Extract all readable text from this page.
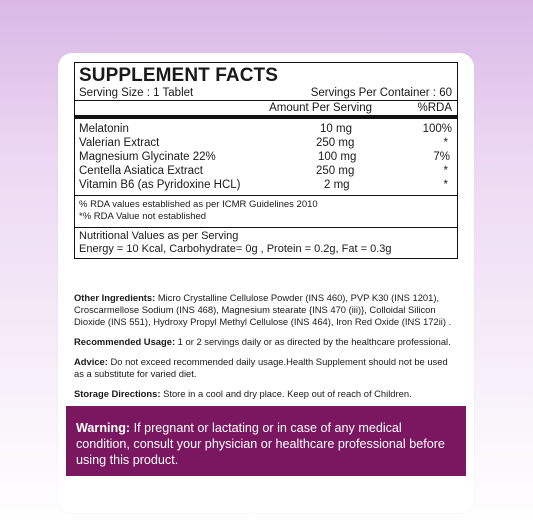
SUPPLEMENT FACTS
Serving Size : 1 Tablet	Servings Per Container : 60
Amount Per Serving	%RDA
Melatonin	10 mg	100%
Valerian Extract	250 mg	*
Magnesium Glycinate 22%	100 mg	7%
Centella Asiatica Extract	250 mg	*
Vitamin B6 (as Pyridoxine HCL)	2 mg	*
% RDA values established as per ICMR Guidelines 2010
*% RDA Value not established
Nutritional Values as per Serving
Energy = 10 Kcal, Carbohydrate= 0g , Protein = 0.2g, Fat = 0.3g

Other Ingredients: Micro Crystalline Cellulose Powder (INS 460), PVP K30 (INS 1201), Croscarmellose Sodium (INS 468), Magnesium stearate {INS 470 (iii)}, Colloidal Silicon Dioxide (INS 551), Hydroxy Propyl Methyl Cellulose (INS 464), Iron Red Oxide (INS 172ii) .

Recommended Usage: 1 or 2 servings daily or as directed by the healthcare professional.

Advice: Do not exceed recommended daily usage.Health Supplement should not be used as a substitute for varied diet.

Storage Directions: Store in a cool and dry place. Keep out of reach of Children.

Warning: If pregnant or lactating or in case of any medical condition, consult your physician or healthcare professional before using this product.
